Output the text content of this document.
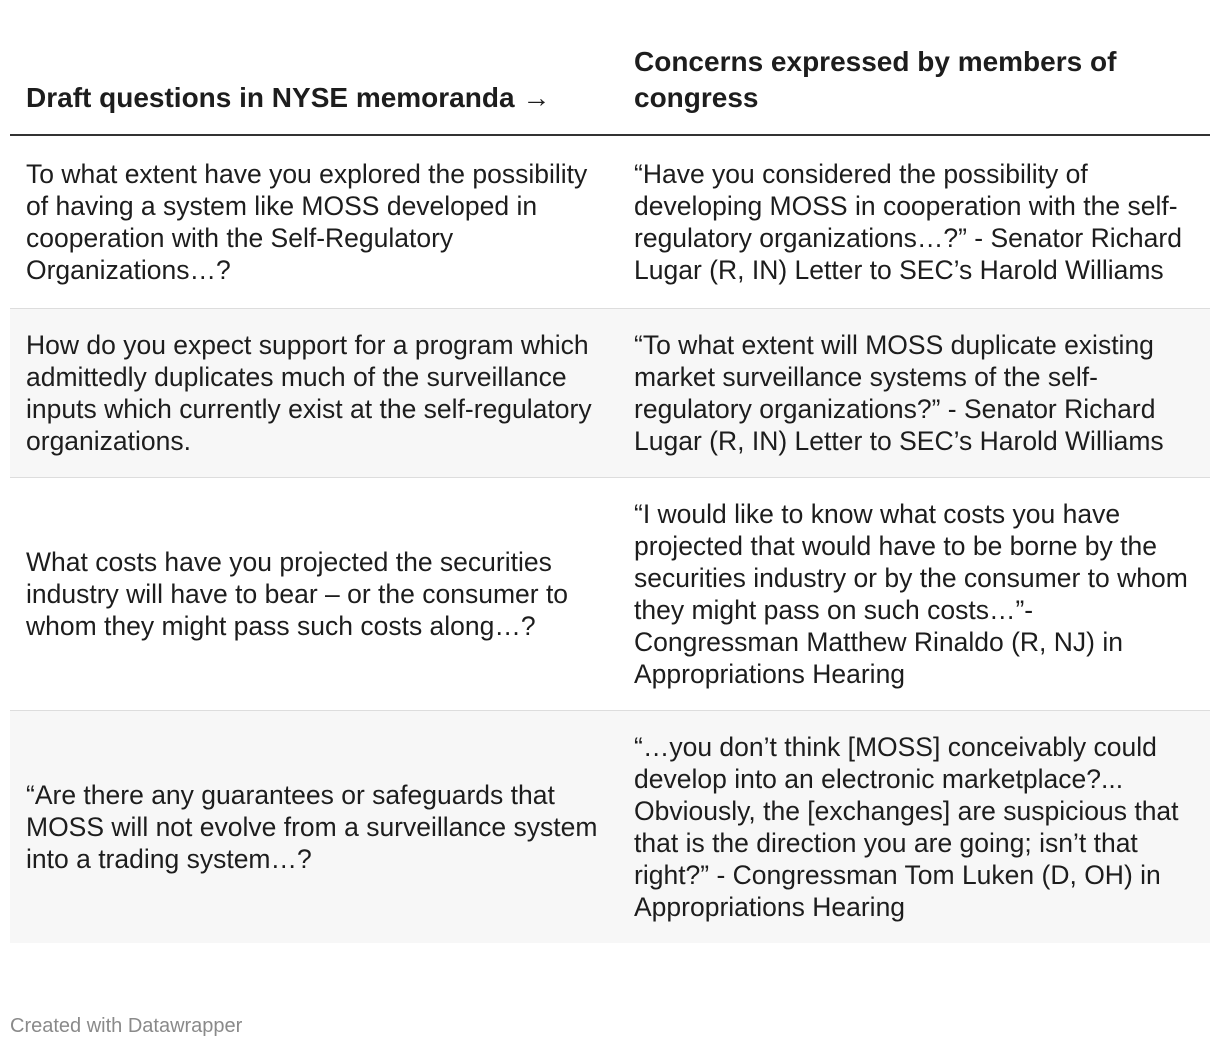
Draft questions in NYSE memoranda →	Concerns expressed by members of congress
To what extent have you explored the possibility of having a system like MOSS developed in cooperation with the Self-Regulatory Organizations…?	“Have you considered the possibility of developing MOSS in cooperation with the self-regulatory organizations…?” - Senator Richard Lugar (R, IN) Letter to SEC’s Harold Williams
How do you expect support for a program which admittedly duplicates much of the surveillance inputs which currently exist at the self-regulatory organizations.	“To what extent will MOSS duplicate existing market surveillance systems of the self-regulatory organizations?” - Senator Richard Lugar (R, IN) Letter to SEC’s Harold Williams
What costs have you projected the securities industry will have to bear – or the consumer to whom they might pass such costs along…?	“I would like to know what costs you have projected that would have to be borne by the securities industry or by the consumer to whom they might pass on such costs…”- Congressman Matthew Rinaldo (R, NJ) in Appropriations Hearing
“Are there any guarantees or safeguards that MOSS will not evolve from a surveillance system into a trading system…?	“…you don’t think [MOSS] conceivably could develop into an electronic marketplace?... Obviously, the [exchanges] are suspicious that that is the direction you are going; isn’t that right?” - Congressman Tom Luken (D, OH) in Appropriations Hearing
Created with Datawrapper
